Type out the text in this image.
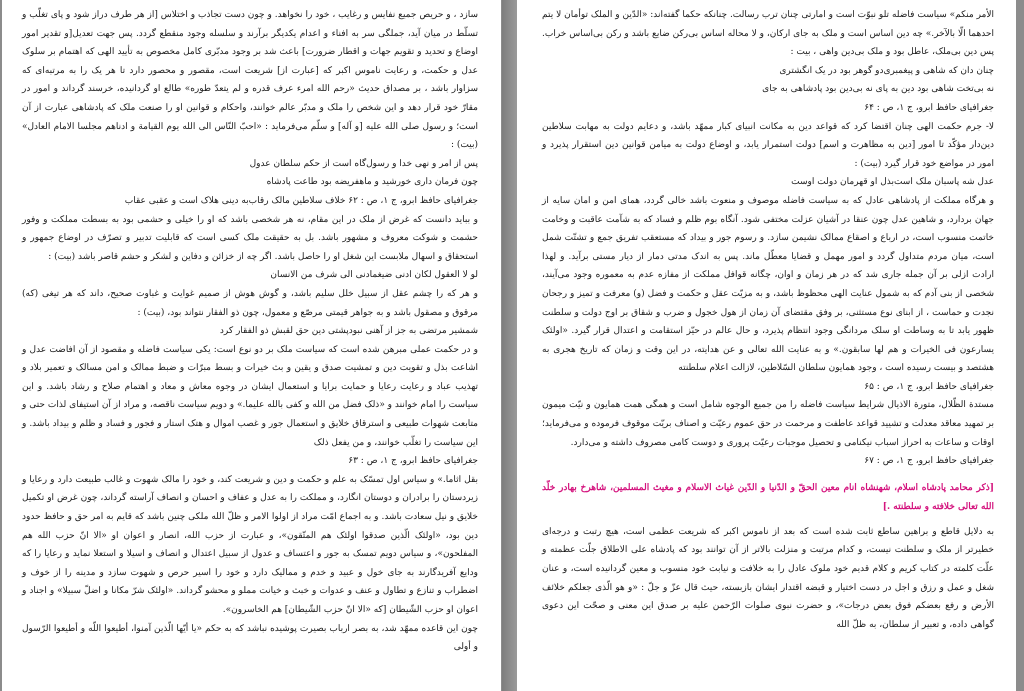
سازد ، و حریص جمیع نفایس و رغایب ، خود را نخواهد. و چون دست تجاذب و اختلاس [از هر طرف دراز شود و پای تغلّب و تسلّط در میان آید، جملگی سر به افناء و اعدام یکدیگر برآرند و سلسله وجود منقطع گردد. پس جهت تعدیل[و تقدیر امور اوضاع و تحدید و تقویم جهات و اقطار ضرورت] باعث شد بر وجود مدبّری کامل مخصوص به تأیید الهی که اهتمام بر سلوک عدل و حکمت، و رعایت ناموس اکبر که [عبارت از] شریعت است، مقصور و محصور دارد تا هر یک را به مرتبه‌ای که سزاوار باشد ، بر مصداق حدیث «رحم الله امرء عرف قدره و لم یتعدّ طوره» طالع او گردانیده، خرسند گرداند و امور در مقارّ خود قرار دهد و این شخص را ملک و مدبّر عالم خوانند، واحکام و قوانین او را صنعت ملک که پادشاهی عبارت از آن است؛ و رسول صلی الله علیه [و آله] و سلّم می‌فرماید : «احبّ النّاس الی الله یوم القیامة و ادناهم مجلسا الامام العادل» (بیت) :

پس از امر و نهی خدا و رسول‌گاه است از حکم سلطان عدول

چون فرمان داری خورشید و ماهفریضه بود طاعت پادشاه

جغرافیای حافظ ابرو، ج ۱، ص : ۶۲ خلاف سلاطین مالک رقاب‌به دینی هلاک است و عقبی عقاب

و بباید دانست که غرض از ملک در این مقام، نه هر شخصی باشد که او را خیلی و حشمی بود به بسطت مملکت و وفور حشمت و شوکت معروف و مشهور باشد. بل به حقیقت ملک کسی است که قابلیت تدبیر و تصرّف در اوضاع جمهور و استحقاق و اسهال ملابست این شغل او را حاصل باشد. اگر چه از خزائن و دفاین و لشکر و حشم قاصر باشد (بیت) :

لو لا العقول لکان ادنی ضیغمادنی الی شرف من الانسان

و هر که را چشم عقل از سبیل خلل سلیم باشد، و گوش هوش از صمیم غوایت و غباوت صحیح، داند که هر تیغی (که) مرقوق و مصقول باشد و به جواهر قیمتی مرصّع و معمول، چون ذو الفقار نتواند بود، (بیت) :

شمشیر مرتضی به جز از آهنی نبودپشتی دین حق لقبش ذو الفقار کرد

و در حکمت عملی مبرهن شده است که سیاست ملک بر دو نوع است: یکی سیاست فاضله و مقصود از آن افاضت عدل و اشاعت بذل و تقویت دین و تمشیت صدق و یقین و بث خیرات و بسط مبرّات و ضبط ممالک و امن مسالک و تعمیر بلاد و تهذیب عباد و رعایت رعایا و حمایت برایا و استعمال ایشان در وجوه معاش و معاد و اهتمام صلاح و رشاد باشد. و این سیاست را امام خوانند و «ذلک فضل من الله و کفی بالله علیما.» و دویم سیاست ناقصه، و مراد از آن استیفای لذات حتی و متابعت شهوات طبیعی و استرقاق خلایق و استعمال جور و غصب اموال و هتک استار و فجور و فساد و ظلم و بیداد باشد. و این سیاست را تغلّب خوانند، و من یفعل ذلک

جغرافیای حافظ ابرو، ج ۱، ص : ۶۳

بقل اثاما.» و سیاس اول تمسّک به علم و حکمت و دین و شریعت کند، و خود را مالک شهوت و غالب طبیعت دارد و رعایا و زیردستان را برادران و دوستان انگارد، و مملکت را به عدل و عفاف و احسان و انصاف آراسته گرداند، چون غرض او تکمیل خلایق و نیل سعادت باشد. و به اجماع امّت مراد از اولوا الامر و ظلّ الله ملکی چنین باشد که قایم به امر حق و حافظ حدود دین بود، «اولئک الّذین صدقوا اولئک هم المتّقون»، و عبارت از حزب الله، انصار و اعوان او «الا انّ حزب الله هم المفلحون»، و سیاس دویم تمسک به جور و اعتساف و عدول از سبیل اعتدال و انصاف و اسیلا و استعلا نماید و رعایا را که ودایع آفریدگارند به جای خول و عبید و خدم و ممالیک دارد و خود را اسیر حرص و شهوت سازد و مدینه را از خوف و اضطراب و تنازع و تطاول و عنف و عدوات و خبث و خیانت مملو و محشو گرداند. «اولئک شرّ مکانا و اضلّ سبیلا» و اجناد و اعوان او حزب الشّیطان [که «الا انّ حزب الشّیطان] هم الخاسرون».

چون این قاعده ممهّد شد، به بصر ارباب بصیرت پوشیده نباشد که به حکم «یا أیّها الّذین آمنوا، أطیعوا اللّه و أطیعوا الرّسول و أولی

الأمر منکم» سیاست فاضله تلو نبوّت است و امارتی چنان ترب رسالت. چنانکه حکما گفته‌اند: «الدّین و الملک توأمان لا یتم احدهما الّا بالآخر.» چه دین اساس است و ملک به جای ارکان، و لا محاله اساس بی‌رکن ضایع باشد و رکن بی‌اساس خراب. پس دین بی‌ملک، عاطل بود و ملک بی‌دین واهی ، بیت :

چنان دان که شاهی و پیغمبری‌دو گوهر بود در یک انگشتری

نه بی‌تخت شاهی بود دین به پای نه بی‌دین بود پادشاهی به جای

جغرافیای حافظ ابرو، ج ۱، ص : ۶۴

لا- جرم حکمت الهی چنان اقتضا کرد که قواعد دین به مکانت انبیای کبار ممهّد باشد، و دعایم دولت به مهابت سلاطین دین‌دار مؤکّد تا امور [دین به مظاهرت و اسم] دولت استمرار یابد، و اوضاع دولت به میامن قوانین دین استقرار پذیرد و امور در مواضع خود قرار گیرد (بیت) :

عدل شه پاسبان ملک است‌بذل او قهرمان دولت اوست

و هرگاه مملکت از پادشاهی عادل که به سیاست فاضله موصوف و منعوت باشد خالی گردد، همای امن و امان سایه از جهان بردارد، و شاهین عدل چون عنقا در آشیان عزلت مختفی شود. آنگاه بوم ظلم و فساد که به شآمت عاقبت و وخامت خاتمت منسوب است، در ارباع و اصقاع ممالک نشیمن سازد. و رسوم جور و بیداد که مستعقب تفریق جمع و تشتّت شمل است، میان مردم متداول گردد و امور مهمل و قضایا معطّل ماند. پس به اندک مدتی دمار از دیار مستی برآید. و لهذا ارادت ازلی بر آن جمله جاری شد که در هر زمان و اوان، چگانه قوافل مملکت از مفازه عدم به معموره وجود می‌آیند، شخصی از بنی آدم که به شمول عنایت الهی محظوظ باشد، و به مزیّت عقل و حکمت و فضل (و) معرفت و تمیز و رجحان نجدت و حماست ، از ابنای نوع مستثنی، بر وفق مقتضای آن زمان از هول خجول و ضرب و شقاق بر اوج دولت و سلطنت ظهور یابد تا به وساطت او سلک مردانگی وجود انتظام پذیرد، و حال عالم در حیّز استقامت و اعتدال قرار گیرد. «اولئک یسارعون فی الخیرات و هم لها سابقون.» و به عنایت الله تعالی و عن هدایته، در این وقت و زمان که تاریخ هجری به هشتصد و بیست رسیده است ، وجود همایون سلطان السّلاطین، لازالت اعلام سلطنته

جغرافیای حافظ ابرو، ج ۱، ص : ۶۵

مستدة الظّلال، متورة الاذیال شرایط سیاست فاضله را من جمیع الوجوه شامل است و همگی همت همایون و نیّت میمون بر تمهید معاقد معدلت و تشیید قواعد عاطفت و مرحمت در حق عموم رعیّت و اصناف بریّت موقوف فرموده و می‌فرماید؛ اوقات و ساعات به احراز اسباب نیکنامی و تحصیل موجبات رعیّت پروری و دوست کامی مصروف داشته و می‌دارد.

جغرافیای حافظ ابرو، ج ۱، ص : ۶۷

[ذکر محامد پادشاه اسلام، شهنشاه انام معین الحقّ و الدّنیا و الدّین غیاث الاسلام و مغیث المسلمین، شاهرخ بهادر خلّد الله تعالی خلافته و سلطنته .]

به دلایل قاطع و براهین ساطع ثابت شده است که بعد از ناموس اکبر که شریعت عظمی است، هیچ رتبت و درجه‌ای خطیرتر از ملک و سلطنت نیست، و کدام مرتبت و منزلت بالاتر از آن توانند بود که پادشاه علی الاطلاق جلّت عظمته و علّت کلمته در کتاب کریم و کلام قدیم خود ملوک عادل را به خلافت و نیابت خود منسوب و معین گردانیده است، و عنان شغل و عمل و رزق و اجل در دست اختیار و قبضه اقتدار ایشان بازبسته، حیث قال عزّ و جلّ : «و هو الّذی جعلکم خلائف الأرض و رفع بعضکم فوق بعض درجات»، و حضرت نبوی صلوات الرّحمن علیه بر صدق این معنی و صحّت این دعوی گواهی داده، و تعبیر از سلطان، به ظلّ الله
